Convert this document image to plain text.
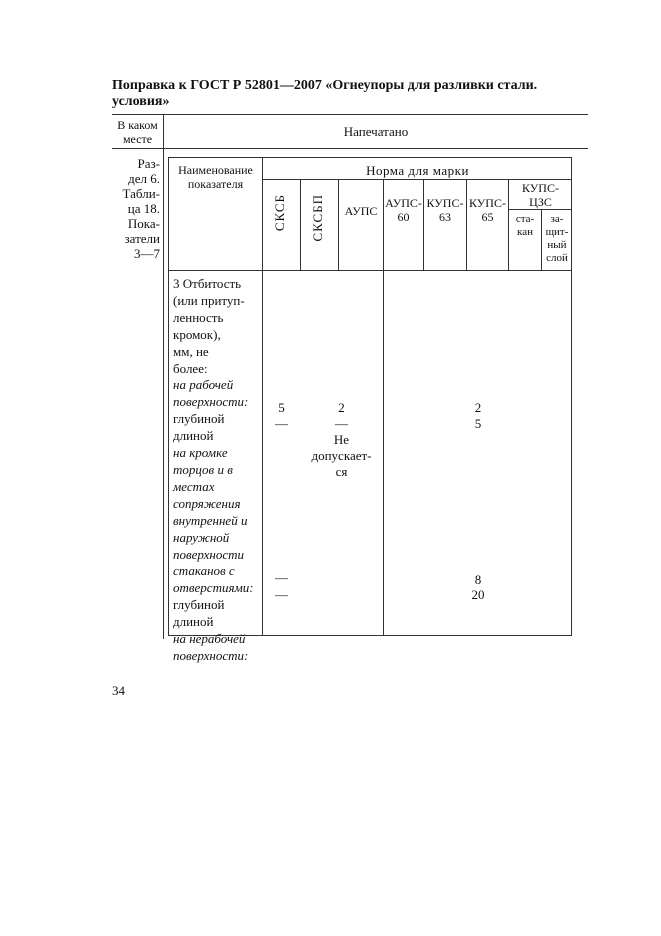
Поправка к ГОСТ Р 52801—2007 «Огнеупоры для разливки стали.
условия»
В каком
месте	Напечатано
Раз-
дел 6.
Табли-
ца 18.
Пока-
затели
3—7
Наименование
показателя
Норма для марки
СКСБ СКСБП	АУПС
АУПС-
60
КУПС-
63
КУПС-
65
КУПС-
ЦЗС
ста-
кан
за-
щит-
ный
слой
3 Отбитость
(или притуп-
ленность
кромок),
мм, не
более:
на рабочей
поверхности:
глубиной
длиной
на кромке
торцов и в
местах
сопряжения
внутренней и
наружной
поверхности
стаканов с
отверстиями:
глубиной
длиной
на нерабочей
поверхности:
5
—
2
—
Не
допускает-
ся
2
5
—
—
8
20
34
